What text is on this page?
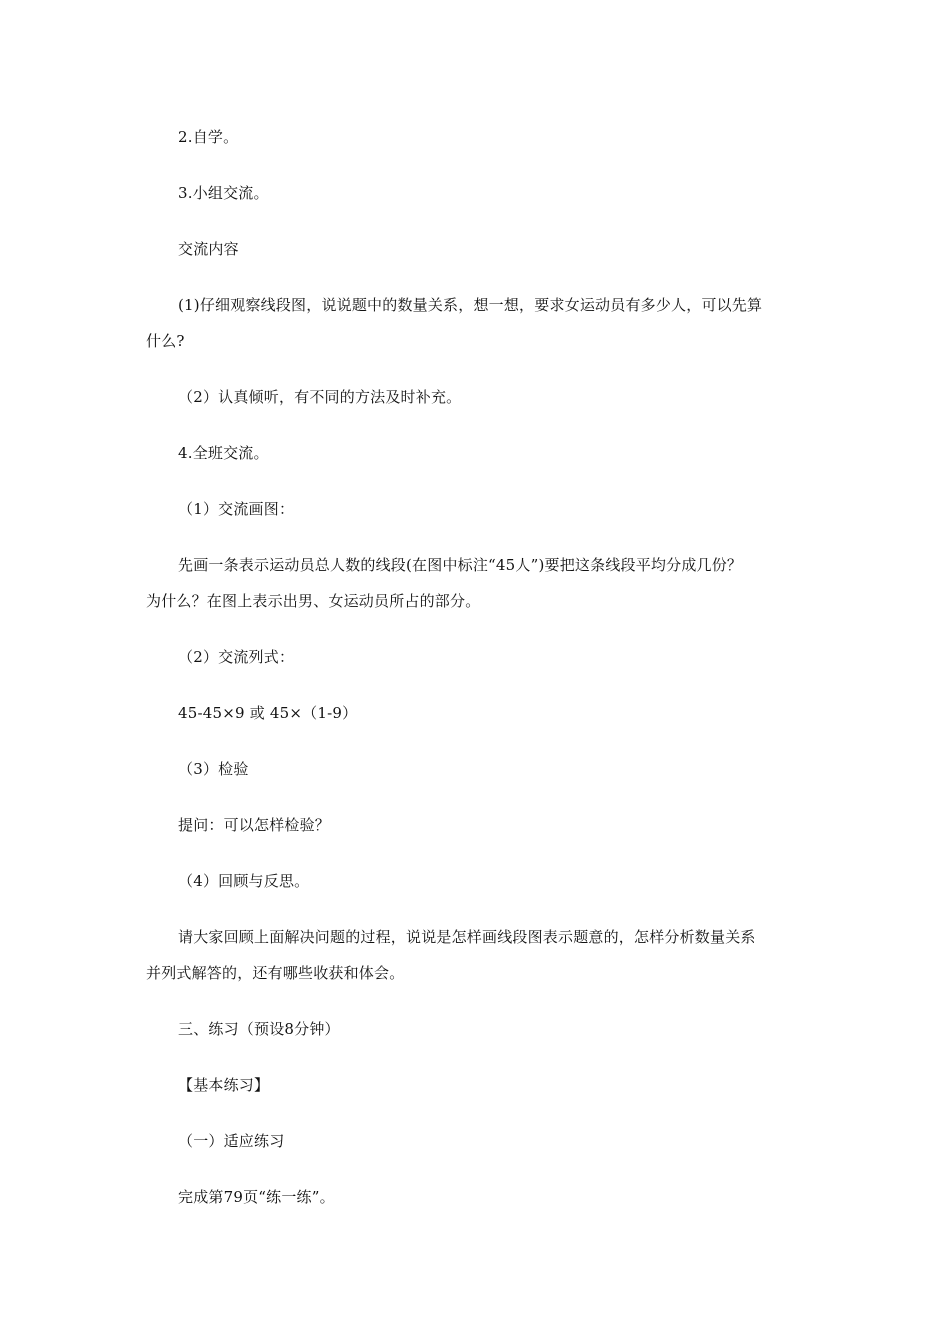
2.自学。
3.小组交流。
交流内容
(1)仔细观察线段图，说说题中的数量关系，想一想，要求女运动员有多少人，可以先算
什么?
（2）认真倾听，有不同的方法及时补充。
4.全班交流。
（1）交流画图：
先画一条表示运动员总人数的线段(在图中标注“45人”)要把这条线段平均分成几份？
为什么？在图上表示出男、女运动员所占的部分。
（2）交流列式：
45-45×9 或 45×（1-9）
（3）检验
提问：可以怎样检验？
（4）回顾与反思。
请大家回顾上面解决问题的过程，说说是怎样画线段图表示题意的，怎样分析数量关系
并列式解答的，还有哪些收获和体会。
三、练习（预设8分钟）
【基本练习】
（一）适应练习
完成第79页“练一练”。
